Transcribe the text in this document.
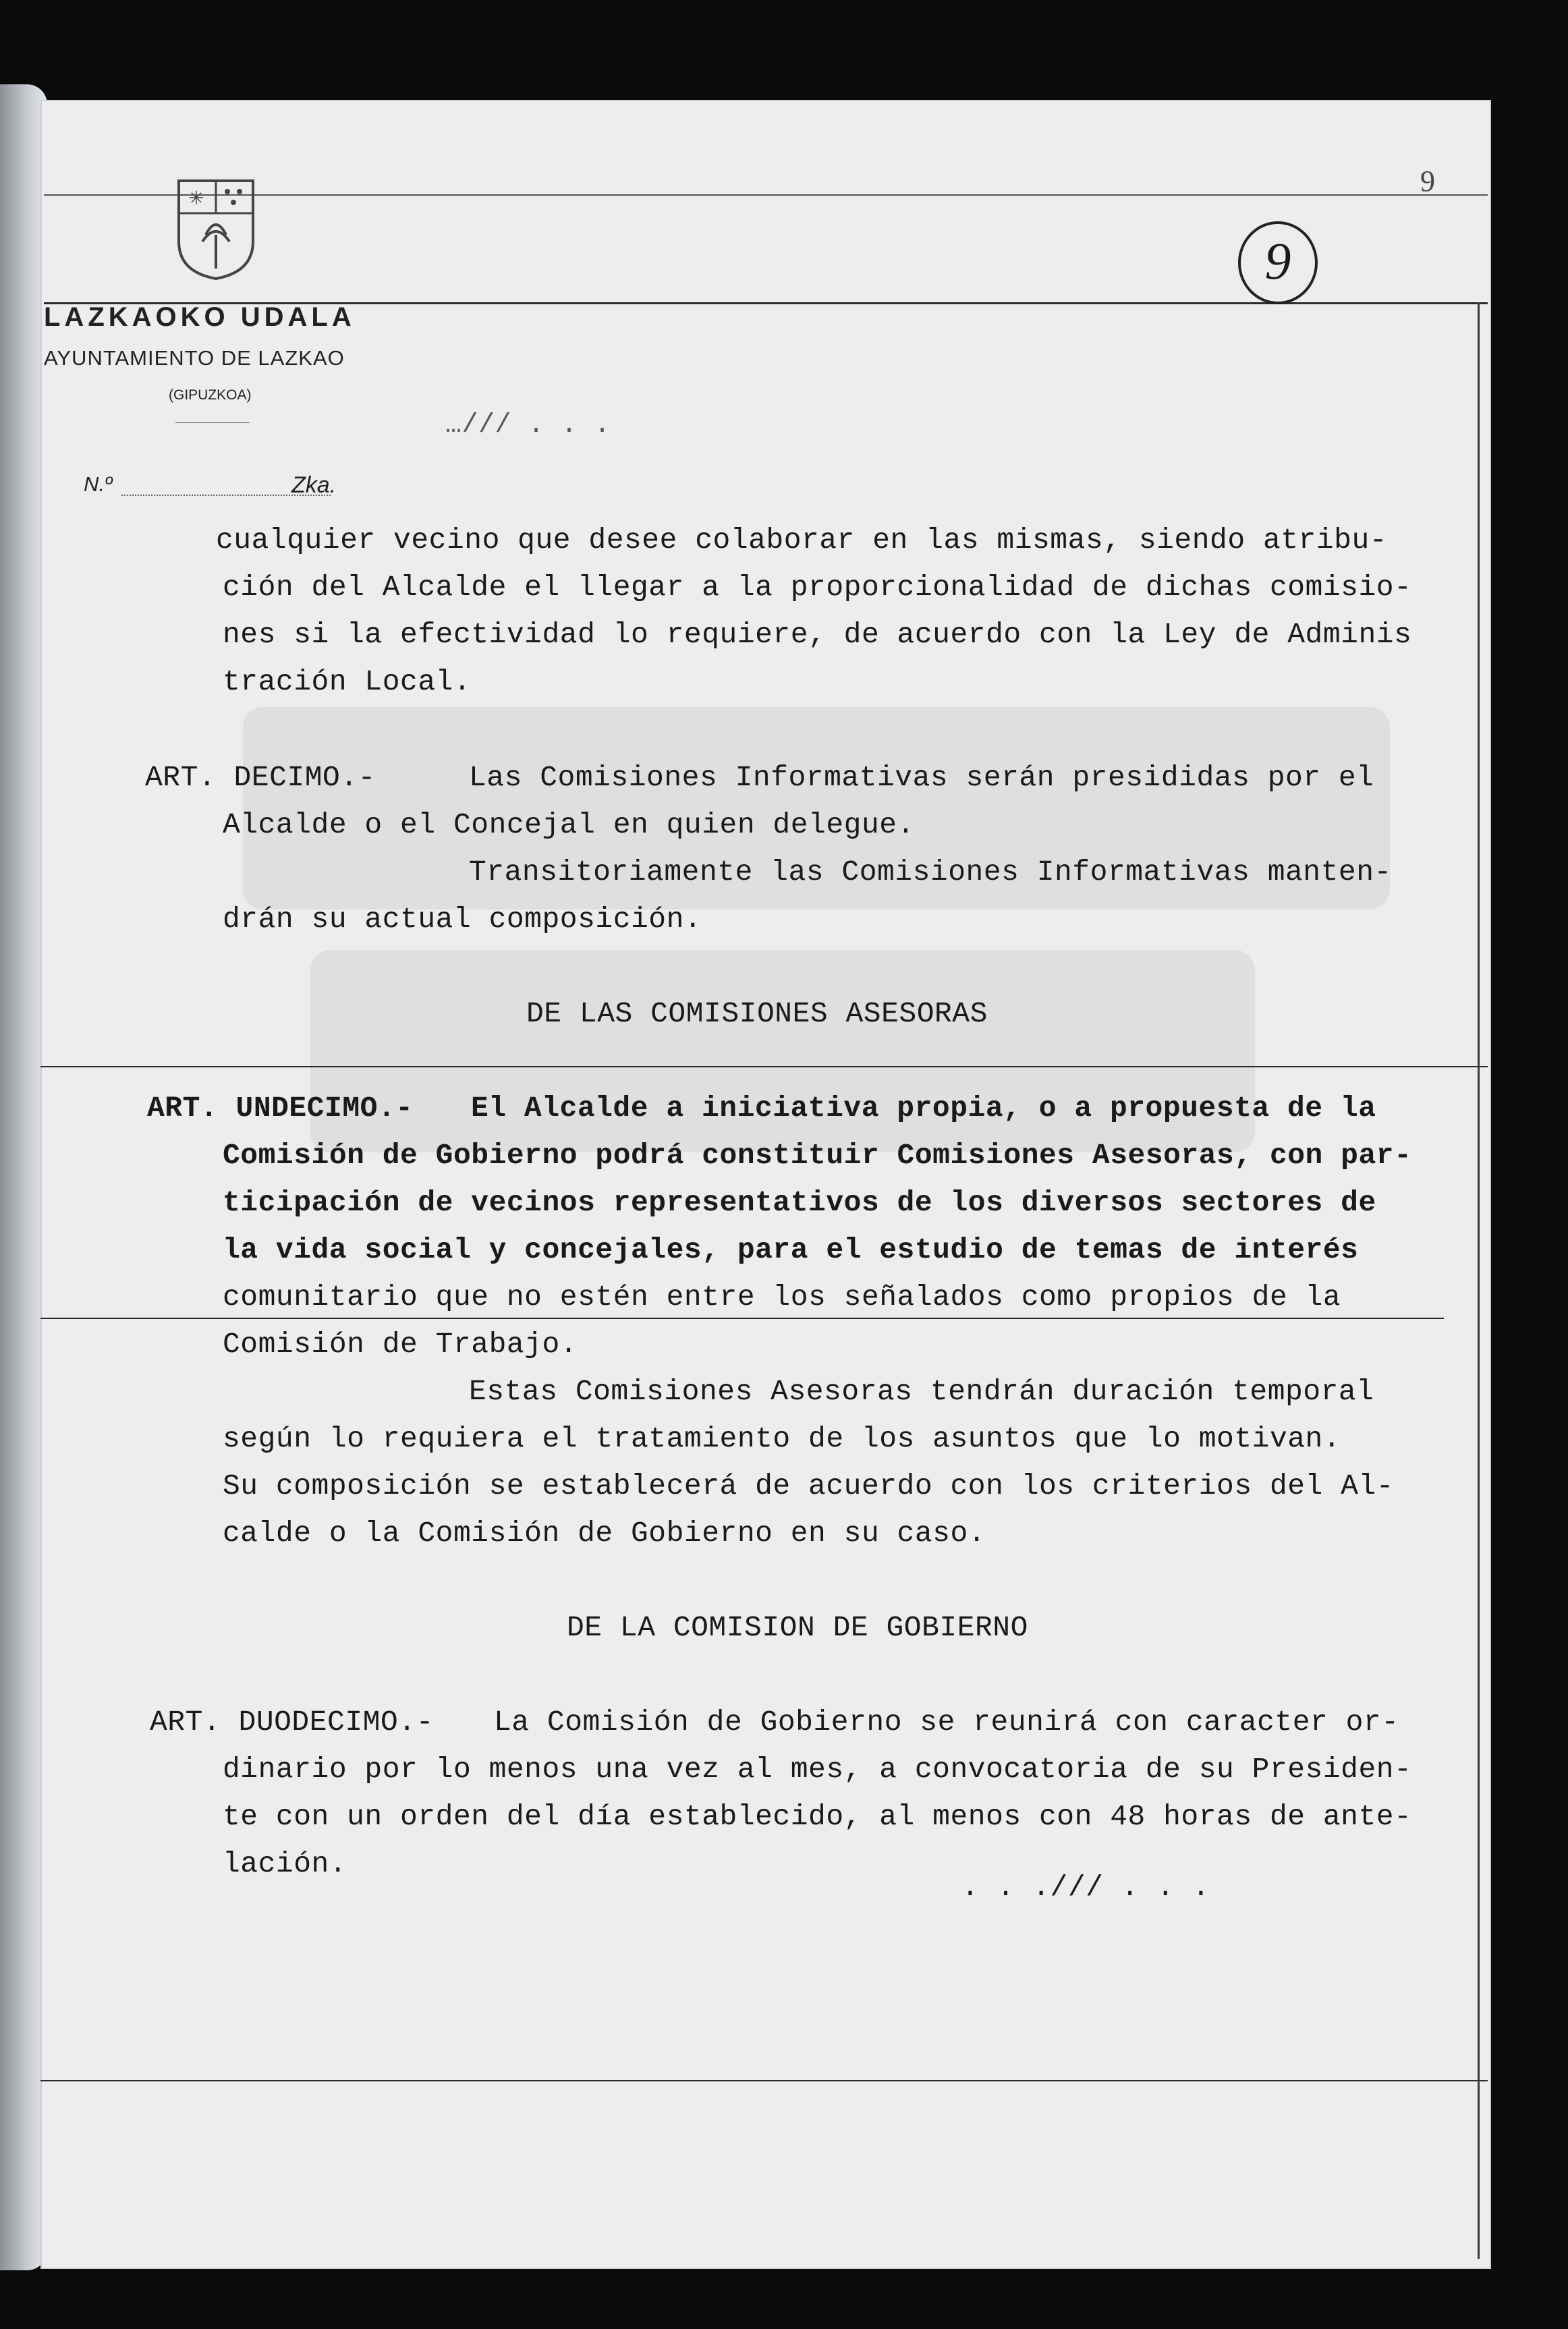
✳
LAZKAOKO UDALA
AYUNTAMIENTO DE LAZKAO
(GIPUZKOA)
N.º	Zka.
…/// . . .
9
9
cualquier vecino que desee colaborar en las mismas, siendo atribu-
ción del Alcalde el llegar a la proporcionalidad de dichas comisio-
nes si la efectividad lo requiere, de acuerdo con la Ley de Adminis
tración Local.
ART. DECIMO.-	Las Comisiones Informativas serán presididas por el
Alcalde o el Concejal en quien delegue.
Transitoriamente las Comisiones Informativas manten-
drán su actual composición.
DE LAS COMISIONES ASESORAS
ART. UNDECIMO.- El Alcalde a iniciativa propia, o a propuesta de la
Comisión de Gobierno podrá constituir Comisiones Asesoras, con par-
ticipación de vecinos representativos de los diversos sectores de
la vida social y concejales, para el estudio de temas de interés
comunitario que no estén entre los señalados como propios de la
Comisión de Trabajo.
Estas Comisiones Asesoras tendrán duración temporal
según lo requiera el tratamiento de los asuntos que lo motivan.
Su composición se establecerá de acuerdo con los criterios del Al-
calde o la Comisión de Gobierno en su caso.
DE LA COMISION DE GOBIERNO
ART. DUODECIMO.- La Comisión de Gobierno se reunirá con caracter or-
dinario por lo menos una vez al mes, a convocatoria de su Presiden-
te con un orden del día establecido, al menos con 48 horas de ante-
lación.
. . ./// . . .
